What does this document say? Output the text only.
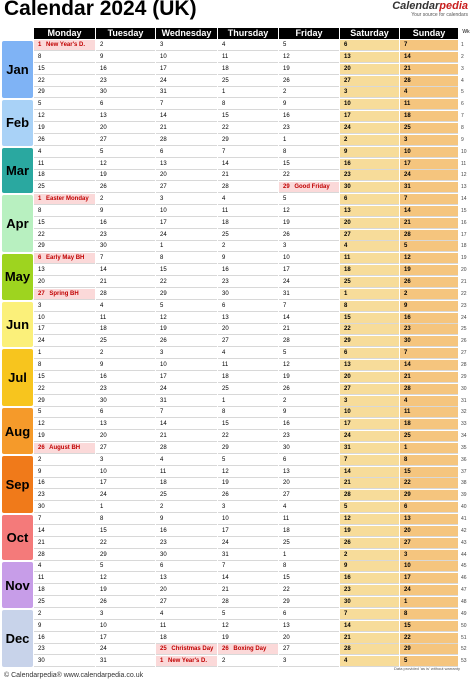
Calendar 2024 (UK)	Calendarpedia
Your source for calendars
Monday	Tuesday	Wednesday	Thursday	Friday	Saturday	Sunday	Wk
1 New Year's D.	2	3	4	5	6	7	1
8	9	10	11	12	13	14	2
15	16	17	18	19	20	21	3
22	23	24	25	26	27	28	4
29	30	31	1	2	3	4	5
5	6	7	8	9	10	11	6
12	13	14	15	16	17	18	7
19	20	21	22	23	24	25	8
26	27	28	29	1	2	3	9
4	5	6	7	8	9	10	10
11	12	13	14	15	16	17	11
18	19	20	21	22	23	24	12
25	26	27	28	29 Good Friday	30	31	13
1 Easter Monday	2	3	4	5	6	7	14
8	9	10	11	12	13	14	15
15	16	17	18	19	20	21	16
22	23	24	25	26	27	28	17
29	30	1	2	3	4	5	18
6 Early May BH	7	8	9	10	11	12	19
13	14	15	16	17	18	19	20
20	21	22	23	24	25	26	21
27 Spring BH	28	29	30	31	1	2	22
3	4	5	6	7	8	9	23
10	11	12	13	14	15	16	24
17	18	19	20	21	22	23	25
24	25	26	27	28	29	30	26
1	2	3	4	5	6	7	27
8	9	10	11	12	13	14	28
15	16	17	18	19	20	21	29
22	23	24	25	26	27	28	30
29	30	31	1	2	3	4	31
5	6	7	8	9	10	11	32
12	13	14	15	16	17	18	33
19	20	21	22	23	24	25	34
26 August BH	27	28	29	30	31	1	35
2	3	4	5	6	7	8	36
9	10	11	12	13	14	15	37
16	17	18	19	20	21	22	38
23	24	25	26	27	28	29	39
30	1	2	3	4	5	6	40
7	8	9	10	11	12	13	41
14	15	16	17	18	19	20	42
21	22	23	24	25	26	27	43
28	29	30	31	1	2	3	44
4	5	6	7	8	9	10	45
11	12	13	14	15	16	17	46
18	19	20	21	22	23	24	47
25	26	27	28	29	30	1	48
2	3	4	5	6	7	8	49
9	10	11	12	13	14	15	50
16	17	18	19	20	21	22	51
23	24	25 Christmas Day	26 Boxing Day	27	28	29	52
30	31	1 New Year's D.	2	3	4	5	53
Jan
Feb
Mar
Apr
May
Jun
Jul
Aug
Sep
Oct
Nov
Dec
© Calendarpedia® www.calendarpedia.co.uk
Data provided 'as is' without warranty
